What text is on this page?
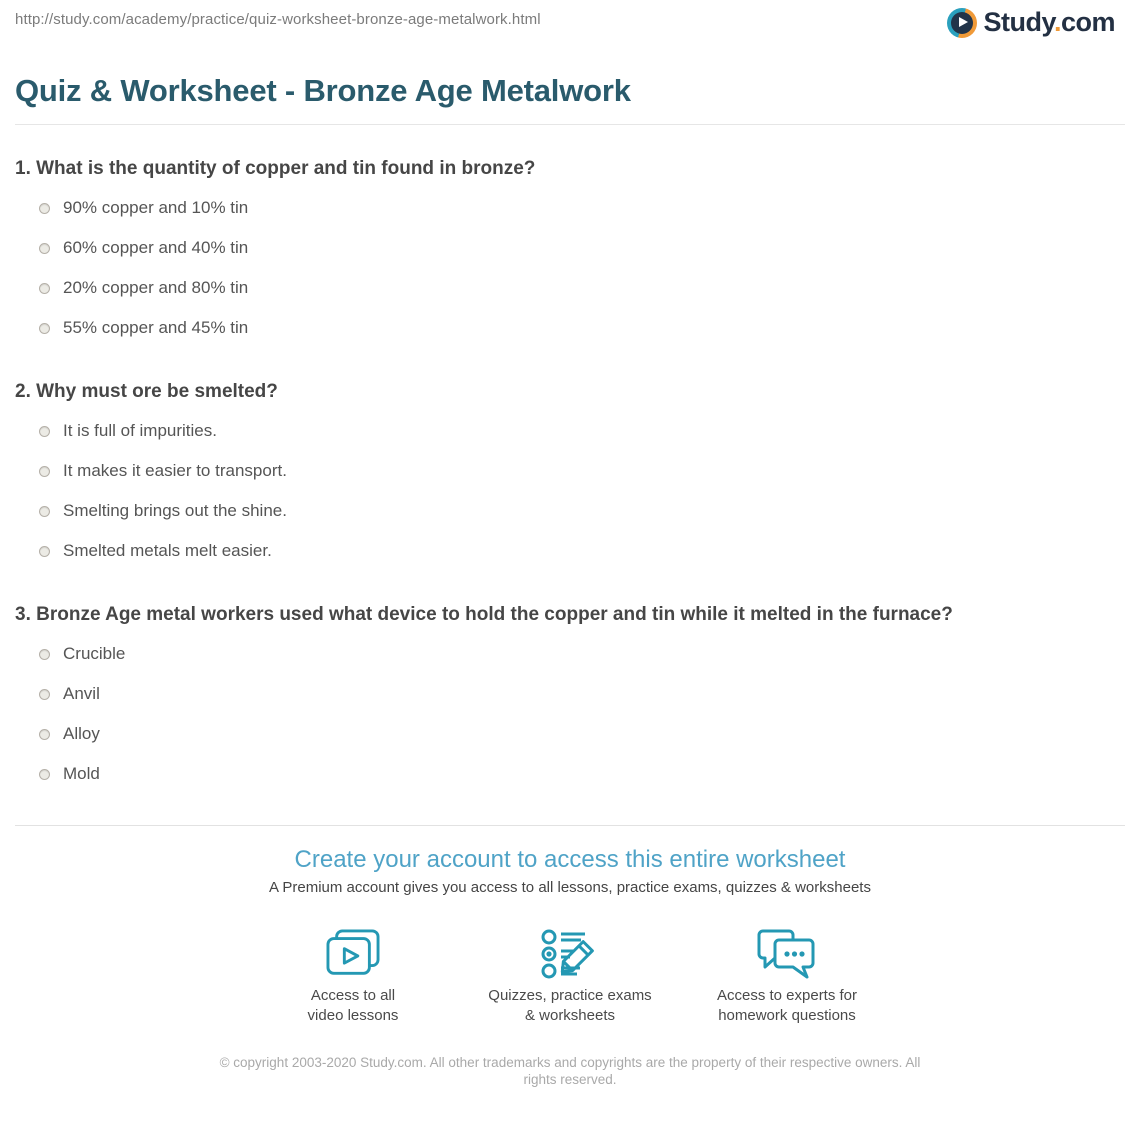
http://study.com/academy/practice/quiz-worksheet-bronze-age-metalwork.html	Study.com
Quiz & Worksheet - Bronze Age Metalwork
1. What is the quantity of copper and tin found in bronze?
90% copper and 10% tin
60% copper and 40% tin
20% copper and 80% tin
55% copper and 45% tin
2. Why must ore be smelted?
It is full of impurities.
It makes it easier to transport.
Smelting brings out the shine.
Smelted metals melt easier.
3. Bronze Age metal workers used what device to hold the copper and tin while it melted in the furnace?
Crucible
Anvil
Alloy
Mold
Create your account to access this entire worksheet
A Premium account gives you access to all lessons, practice exams, quizzes & worksheets
Access to all
video lessons
Quizzes, practice exams
& worksheets
Access to experts for
homework questions
© copyright 2003-2020 Study.com. All other trademarks and copyrights are the property of their respective owners. All rights reserved.
